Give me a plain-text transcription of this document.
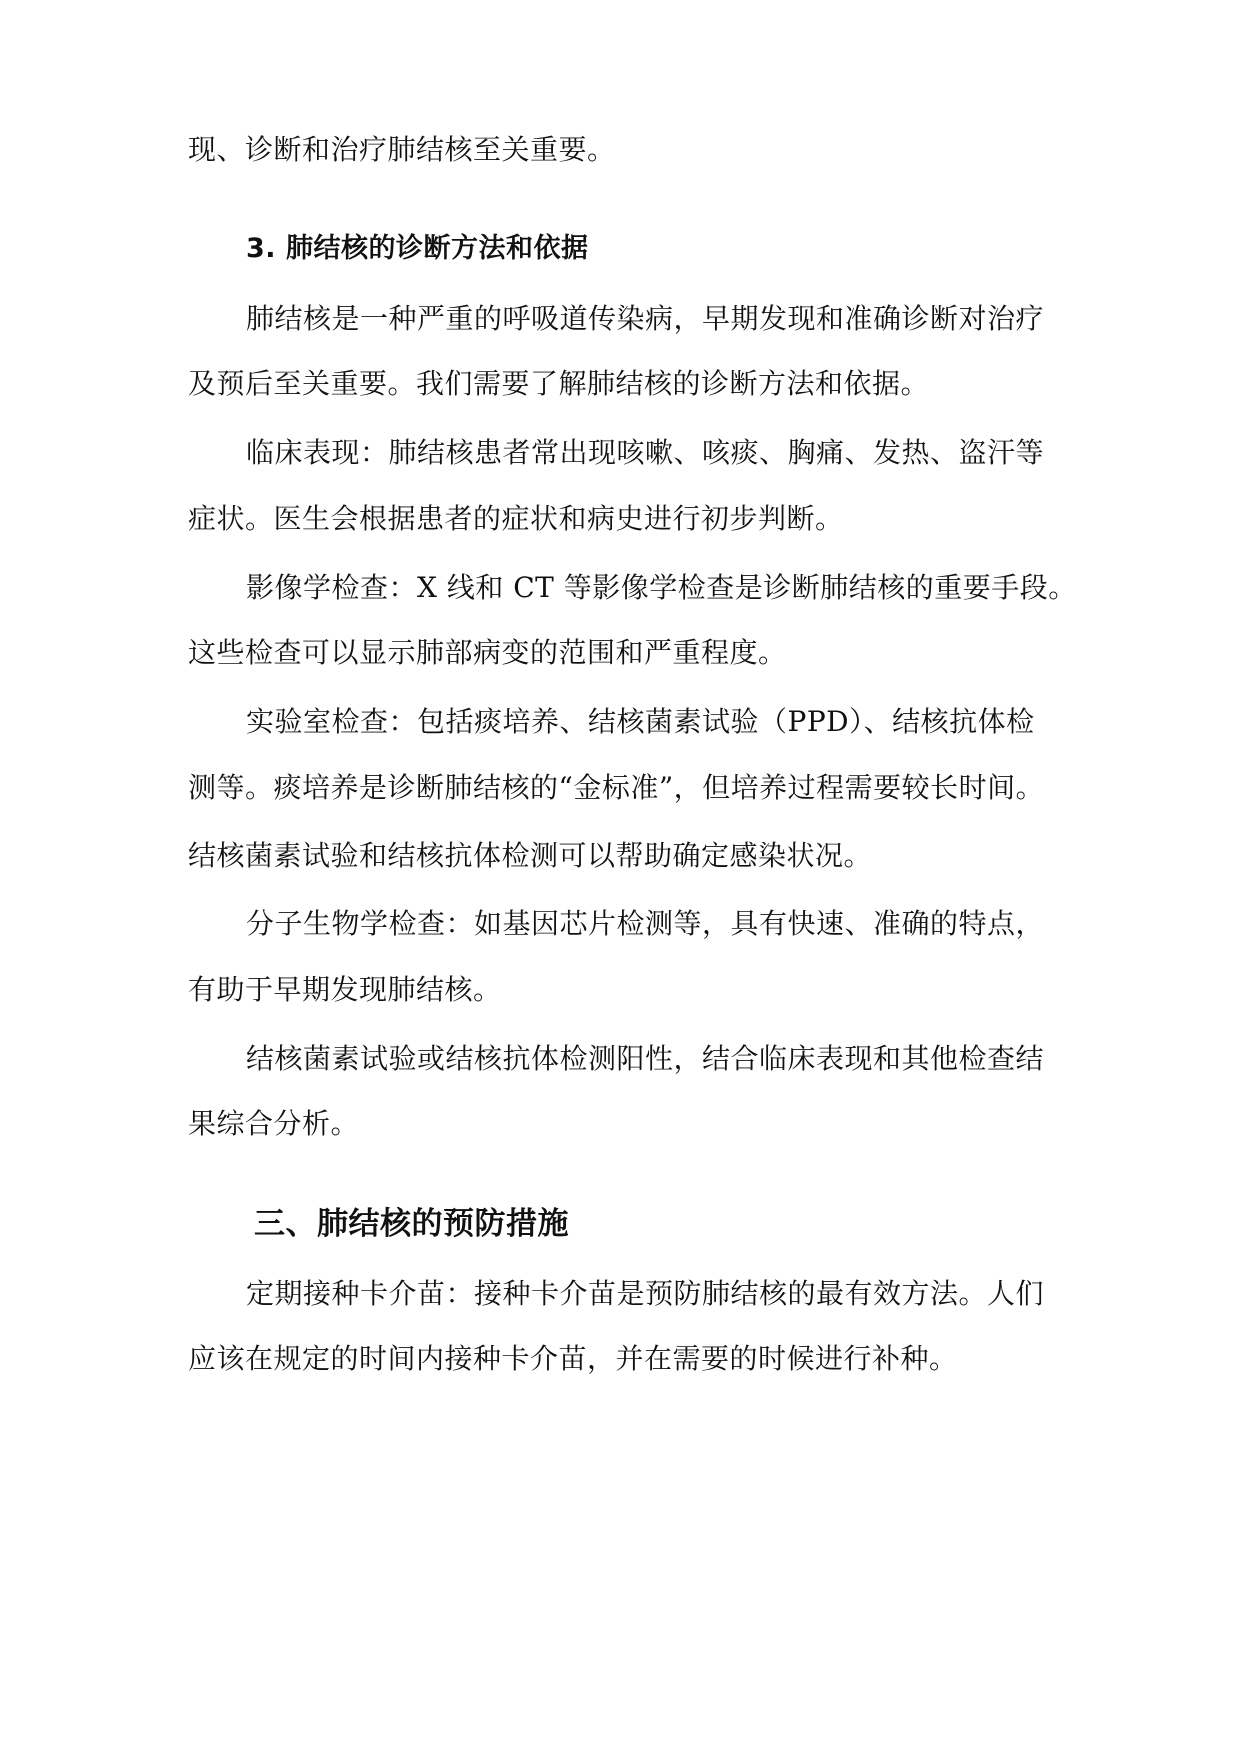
现、诊断和治疗肺结核至关重要。

3. 肺结核的诊断方法和依据

肺结核是一种严重的呼吸道传染病，早期发现和准确诊断对治疗

及预后至关重要。我们需要了解肺结核的诊断方法和依据。

临床表现：肺结核患者常出现咳嗽、咳痰、胸痛、发热、盗汗等

症状。医生会根据患者的症状和病史进行初步判断。

影像学检查：X 线和 CT 等影像学检查是诊断肺结核的重要手段。

这些检查可以显示肺部病变的范围和严重程度。

实验室检查：包括痰培养、结核菌素试验（PPD）、结核抗体检

测等。痰培养是诊断肺结核的“金标准”，但培养过程需要较长时间。

结核菌素试验和结核抗体检测可以帮助确定感染状况。

分子生物学检查：如基因芯片检测等，具有快速、准确的特点，

有助于早期发现肺结核。

结核菌素试验或结核抗体检测阳性，结合临床表现和其他检查结

果综合分析。

三、肺结核的预防措施

定期接种卡介苗：接种卡介苗是预防肺结核的最有效方法。人们

应该在规定的时间内接种卡介苗，并在需要的时候进行补种。
